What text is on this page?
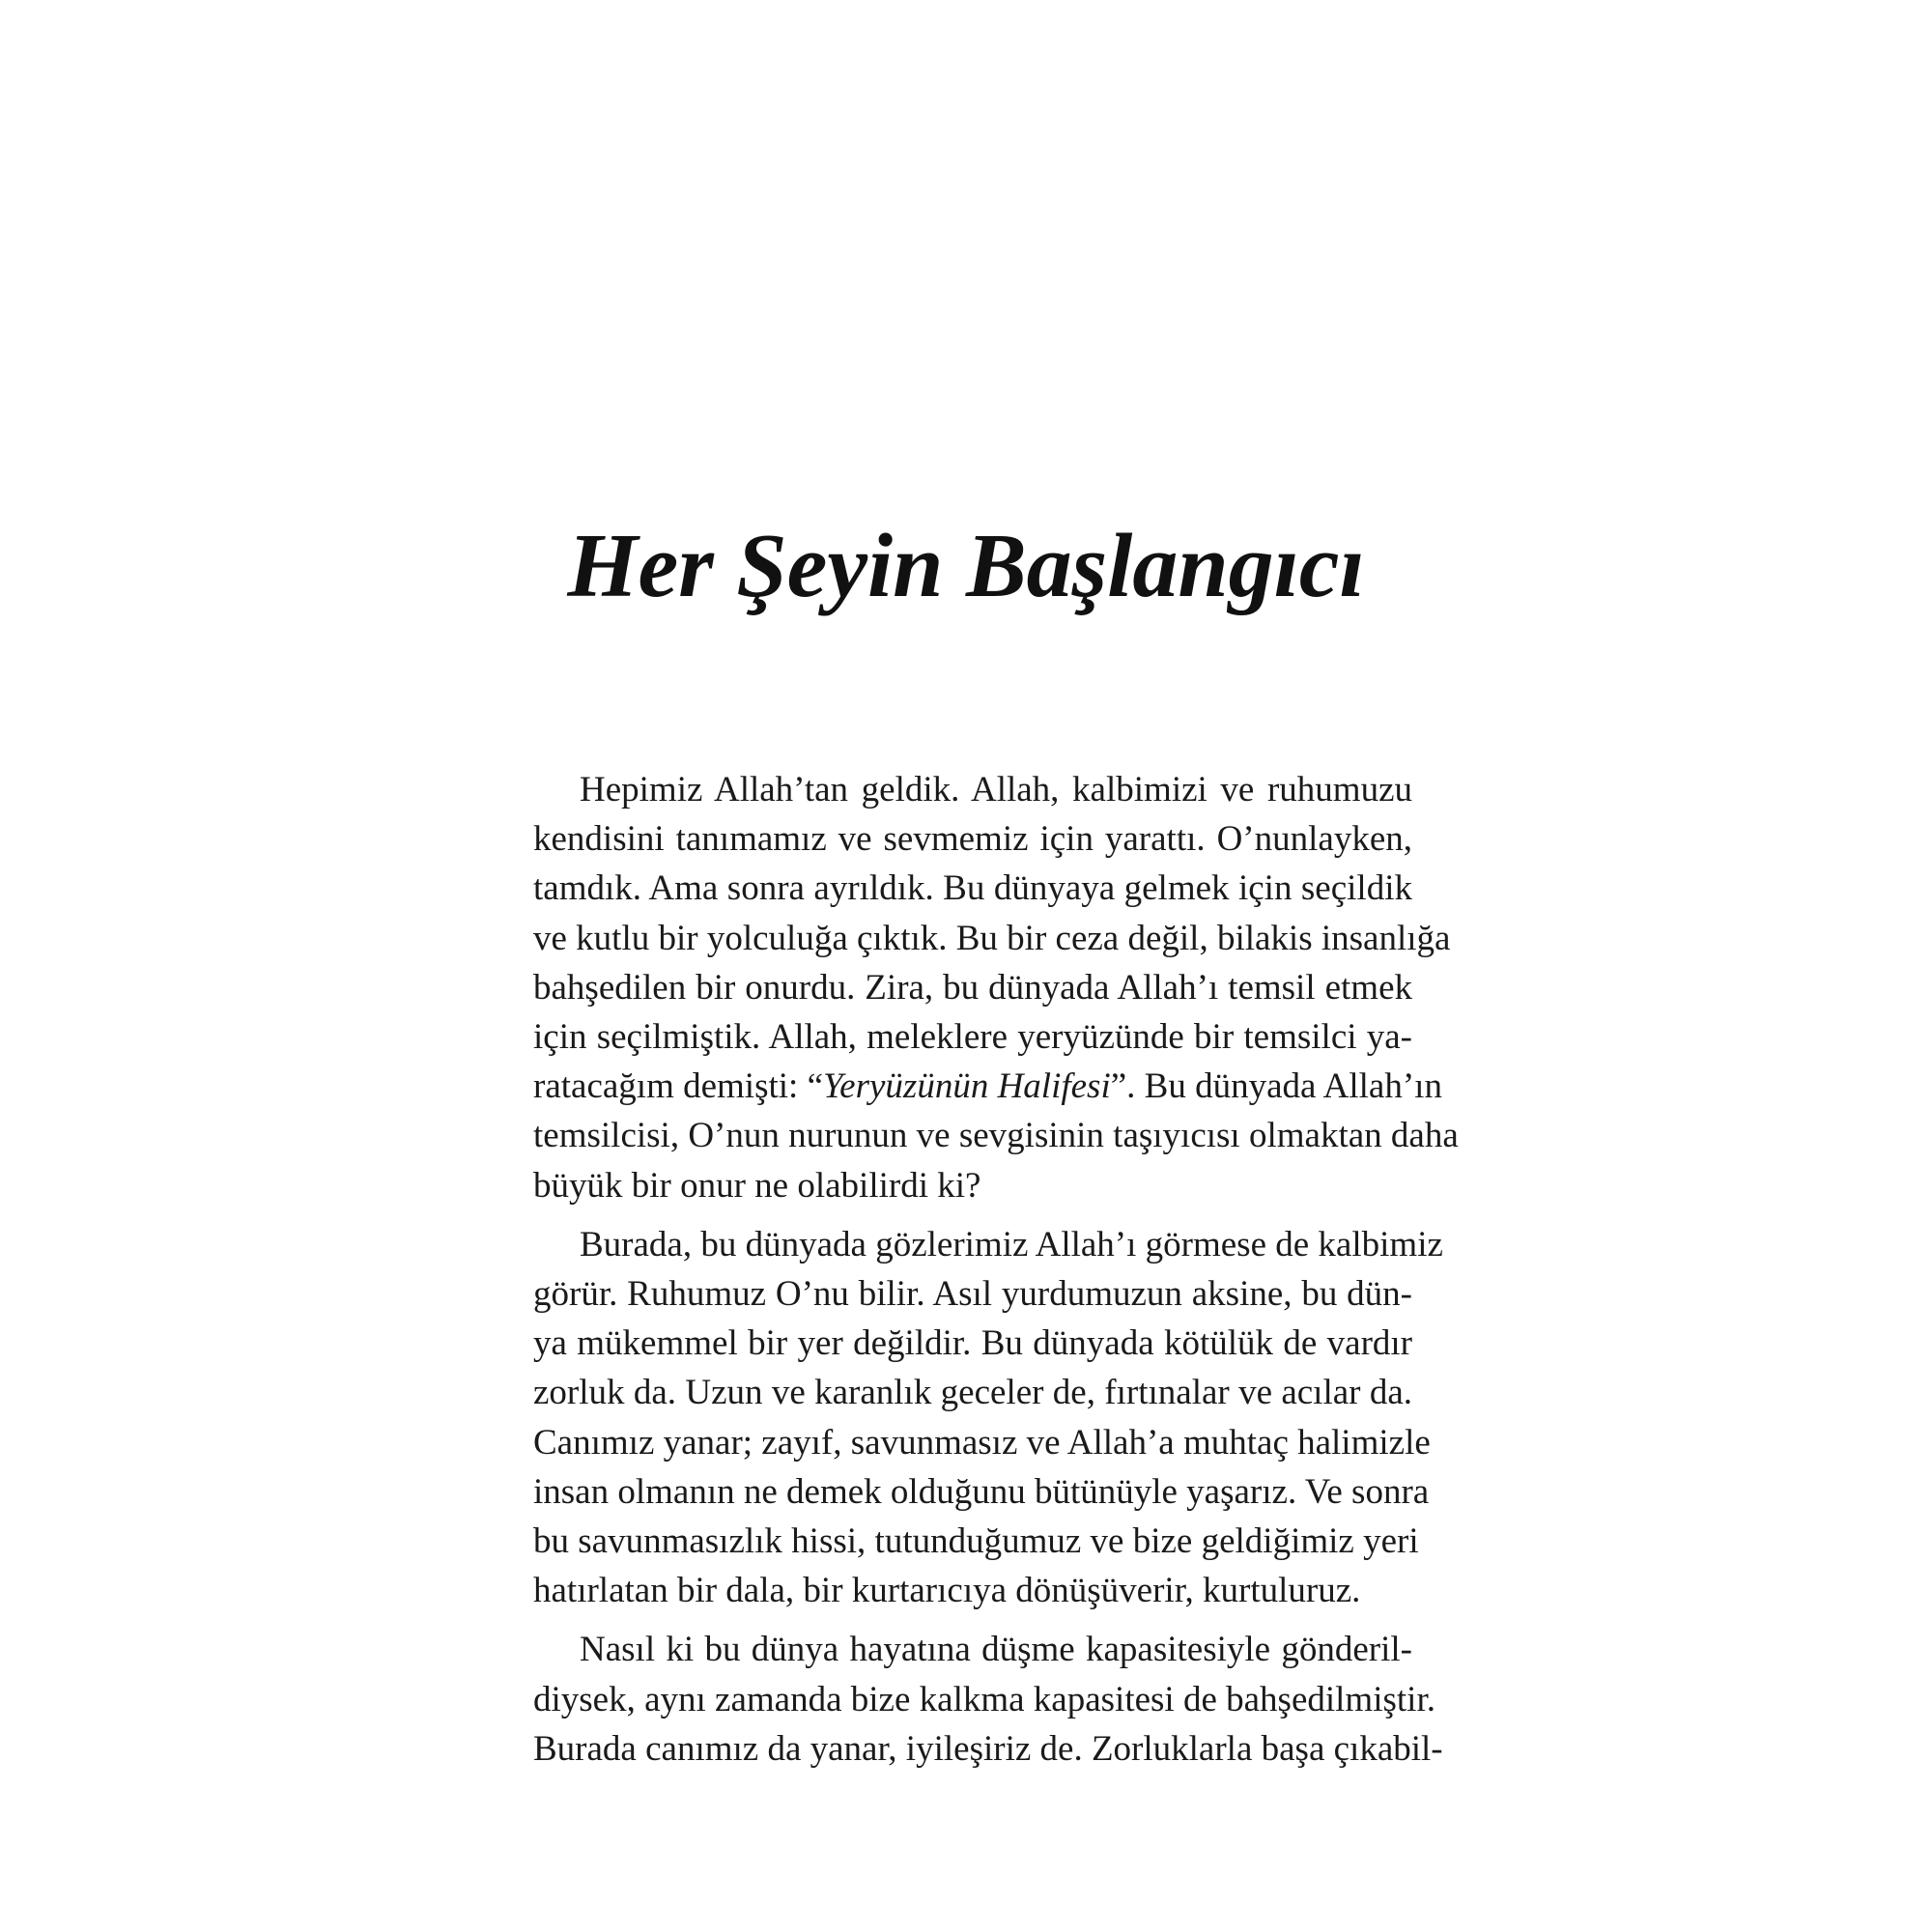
Her Şeyin Başlangıcı

Hepimiz Allah’tan geldik. Allah, kalbimizi ve ruhumuzu
kendisini tanımamız ve sevmemiz için yarattı. O’nunlayken,
tamdık. Ama sonra ayrıldık. Bu dünyaya gelmek için seçildik
ve kutlu bir yolculuğa çıktık. Bu bir ceza değil, bilakis insanlığa
bahşedilen bir onurdu. Zira, bu dünyada Allah’ı temsil etmek
için seçilmiştik. Allah, meleklere yeryüzünde bir temsilci ya-
ratacağım demişti: “Yeryüzünün Halifesi”. Bu dünyada Allah’ın
temsilcisi, O’nun nurunun ve sevgisinin taşıyıcısı olmaktan daha
büyük bir onur ne olabilirdi ki?

Burada, bu dünyada gözlerimiz Allah’ı görmese de kalbimiz
görür. Ruhumuz O’nu bilir. Asıl yurdumuzun aksine, bu dün-
ya mükemmel bir yer değildir. Bu dünyada kötülük de vardır
zorluk da. Uzun ve karanlık geceler de, fırtınalar ve acılar da.
Canımız yanar; zayıf, savunmasız ve Allah’a muhtaç halimizle
insan olmanın ne demek olduğunu bütünüyle yaşarız. Ve sonra
bu savunmasızlık hissi, tutunduğumuz ve bize geldiğimiz yeri
hatırlatan bir dala, bir kurtarıcıya dönüşüverir, kurtuluruz.

Nasıl ki bu dünya hayatına düşme kapasitesiyle gönderil-
diysek, aynı zamanda bize kalkma kapasitesi de bahşedilmiştir.
Burada canımız da yanar, iyileşiriz de. Zorluklarla başa çıkabil-
